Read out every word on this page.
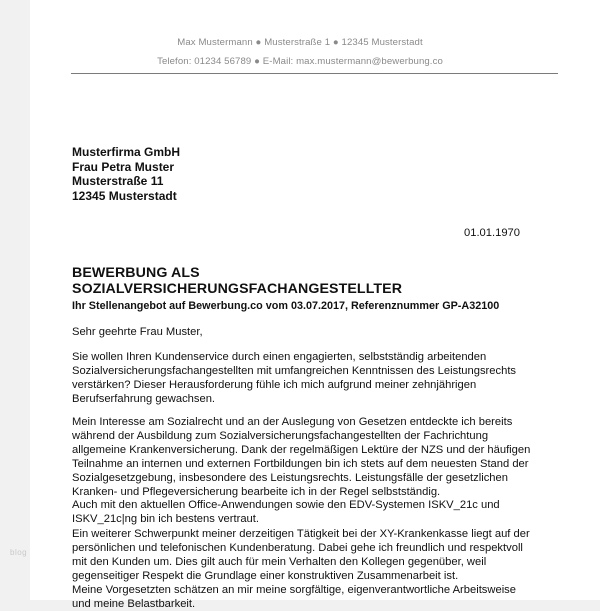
blog
Max Mustermann ● Musterstraße 1 ● 12345 Musterstadt
Telefon: 01234 56789 ● E-Mail: max.mustermann@bewerbung.co
Musterfirma GmbH
Frau Petra Muster
Musterstraße 11
12345 Musterstadt
01.01.1970
BEWERBUNG ALS
SOZIALVERSICHERUNGSFACHANGESTELLTER
Ihr Stellenangebot auf Bewerbung.co vom 03.07.2017, Referenznummer GP-A32100
Sehr geehrte Frau Muster,
Sie wollen Ihren Kundenservice durch einen engagierten, selbstständig arbeitenden
Sozialversicherungsfachangestellten mit umfangreichen Kenntnissen des Leistungsrechts
verstärken? Dieser Herausforderung fühle ich mich aufgrund meiner zehnjährigen
Berufserfahrung gewachsen.
Mein Interesse am Sozialrecht und an der Auslegung von Gesetzen entdeckte ich bereits
während der Ausbildung zum Sozialversicherungsfachangestellten der Fachrichtung
allgemeine Krankenversicherung. Dank der regelmäßigen Lektüre der NZS und der häufigen
Teilnahme an internen und externen Fortbildungen bin ich stets auf dem neuesten Stand der
Sozialgesetzgebung, insbesondere des Leistungsrechts. Leistungsfälle der gesetzlichen
Kranken- und Pflegeversicherung bearbeite ich in der Regel selbstständig.
Auch mit den aktuellen Office-Anwendungen sowie den EDV-Systemen ISKV_21c und
ISKV_21c|ng bin ich bestens vertraut.
Ein weiterer Schwerpunkt meiner derzeitigen Tätigkeit bei der XY-Krankenkasse liegt auf der
persönlichen und telefonischen Kundenberatung. Dabei gehe ich freundlich und respektvoll
mit den Kunden um. Dies gilt auch für mein Verhalten den Kollegen gegenüber, weil
gegenseitiger Respekt die Grundlage einer konstruktiven Zusammenarbeit ist.
Meine Vorgesetzten schätzen an mir meine sorgfältige, eigenverantwortliche Arbeitsweise
und meine Belastbarkeit.
